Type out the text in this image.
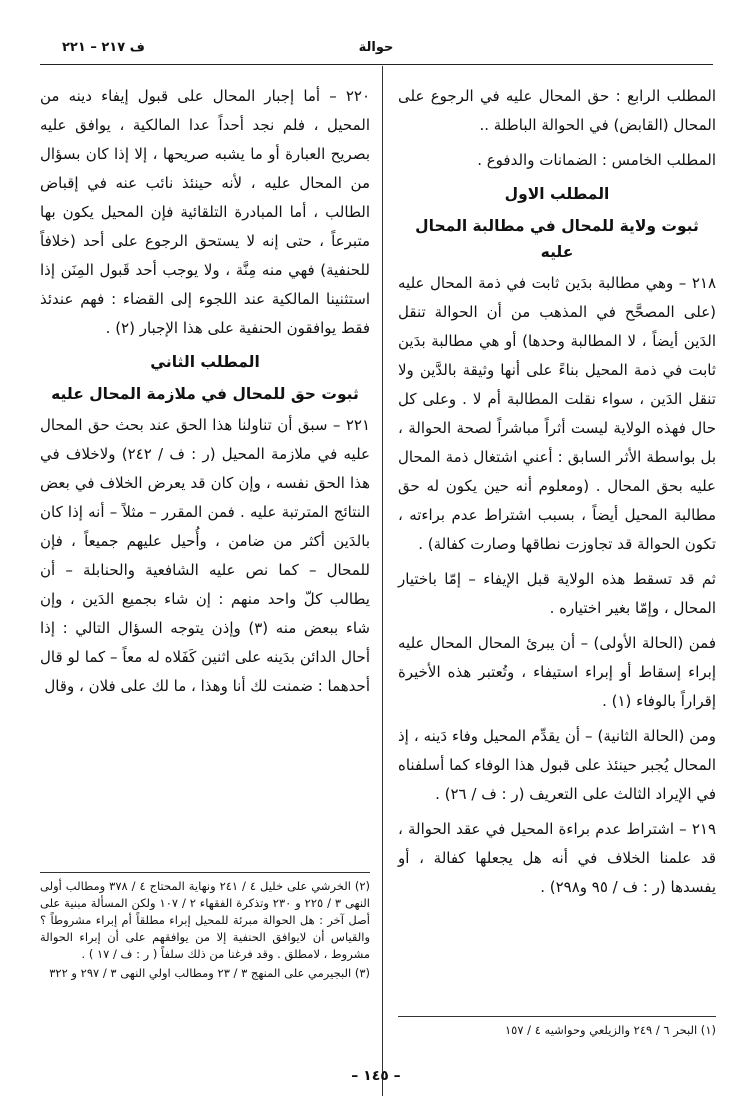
ف ٢١٧ – ٢٢١	حوالة

المطلب الرابع : حق المحال عليه في الرجوع على المحال (القابض) في الحوالة الباطلة ..

المطلب الخامس : الضمانات والدفوع .

المطلب الاول
ثبوت ولاية للمحال في مطالبة المحال عليه

٢١٨ – وهي مطالبة بدَين ثابت في ذمة المحال عليه (على المصحَّح في المذهب من أن الحوالة تنقل الدَين أيضاً ، لا المطالبة وحدها) أو هي مطالبة بدَين ثابت في ذمة المحيل بناءً على أنها وثيقة بالدَّين ولا تنقل الدَين ، سواء نقلت المطالبة أم لا . وعلى كل حال فهذه الولاية ليست أثراً مباشراً لصحة الحوالة ، بل بواسطة الأثر السابق : أعني اشتغال ذمة المحال عليه بحق المحال . (ومعلوم أنه حين يكون له حق مطالبة المحيل أيضاً ، بسبب اشتراط عدم براءته ، تكون الحوالة قد تجاوزت نطاقها وصارت كفالة) .

ثم قد تسقط هذه الولاية قبل الإيفاء – إمّا باختيار المحال ، وإمّا بغير اختياره .

فمن (الحالة الأولى) – أن يبرئ المحال المحال عليه إبراء إسقاط أو إبراء استيفاء ، وتُعتبر هذه الأخيرة إقراراً بالوفاء (١) .

ومن (الحالة الثانية) – أن يقدِّم المحيل وفاء دَينه ، إذ المحال يُجبر حينئذ على قبول هذا الوفاء كما أسلفناه في الإيراد الثالث على التعريف (ر : ف / ٢٦) .

٢١٩ – اشتراط عدم براءة المحيل في عقد الحوالة ، قد علمنا الخلاف في أنه هل يجعلها كفالة ، أو يفسدها (ر : ف / ٩٥ و٢٩٨) .

٢٢٠ – أما إجبار المحال على قبول إيفاء دينه من المحيل ، فلم نجد أحداً عدا المالكية ، يوافق عليه بصريح العبارة أو ما يشبه صريحها ، إلا إذا كان بسؤال من المحال عليه ، لأنه حينئذ نائب عنه في إقباض الطالب ، أما المبادرة التلقائية فإن المحيل يكون بها متبرعاً ، حتى إنه لا يستحق الرجوع على أحد (خلافاً للحنفية) فهي منه مِنَّة ، ولا يوجب أحد قَبول المِنَن إذا استثنينا المالكية عند اللجوء إلى القضاء : فهم عندئذ فقط يوافقون الحنفية على هذا الإجبار (٢) .

المطلب الثاني
ثبوت حق للمحال في ملازمة المحال عليه

٢٢١ – سبق أن تناولنا هذا الحق عند بحث حق المحال عليه في ملازمة المحيل (ر : ف / ٢٤٢) ولاخلاف في هذا الحق نفسه ، وإن كان قد يعرض الخلاف في بعض النتائج المترتبة عليه . فمن المقرر – مثلاً – أنه إذا كان بالدَين أكثر من ضامن ، وأُحيل عليهم جميعاً ، فإن للمحال – كما نص عليه الشافعية والحنابلة – أن يطالب كلّ واحد منهم : إن شاء بجميع الدَين ، وإن شاء ببعض منه (٣) وإذن يتوجه السؤال التالي : إذا أحال الدائن بدَينه على اثنين كَفَلاه له معاً – كما لو قال أحدهما : ضمنت لك أنا وهذا ، ما لك على فلان ، وقال

(٢) الخرشي على خليل ٤ / ٢٤١ ونهاية المحتاج ٤ / ٣٧٨ ومطالب أولى النهى ٣ / ٢٢٥ و ٢٣٠ وتذكرة الفقهاء ٢ / ١٠٧ ولكن المسألة مبنية على أصل آخر : هل الحوالة مبرئة للمحيل إبراء مطلقاً أم إبراء مشروطاً ؟ والقياس أن لايوافق الحنفية إلا من يوافقهم على أن إبراء الحوالة مشروط ، لامطلق . وقد فرغنا من ذلك سلفاً ( ر : ف / ١٧ ) .

(٣) البجيرمي على المنهج ٣ / ٢٣ ومطالب اولي النهى ٣ / ٢٩٧ و ٣٢٢

(١) البحر ٦ / ٢٤٩ والزيلعي وحواشيه ٤ / ١٥٧

– ١٤٥ –
